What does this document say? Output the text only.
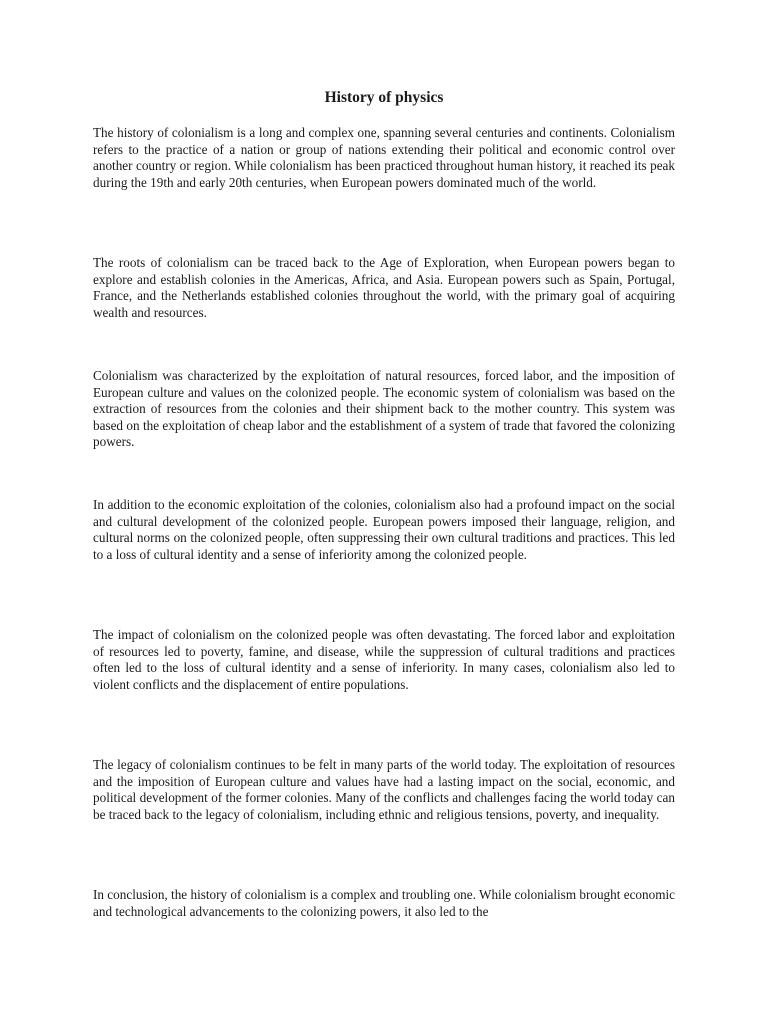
History of physics

The history of colonialism is a long and complex one, spanning several centuries and continents. Colonialism refers to the practice of a nation or group of nations extending their political and economic control over another country or region. While colonialism has been practiced throughout human history, it reached its peak during the 19th and early 20th centuries, when European powers dominated much of the world.

The roots of colonialism can be traced back to the Age of Exploration, when European powers began to explore and establish colonies in the Americas, Africa, and Asia. European powers such as Spain, Portugal, France, and the Netherlands established colonies throughout the world, with the primary goal of acquiring wealth and resources.

Colonialism was characterized by the exploitation of natural resources, forced labor, and the imposition of European culture and values on the colonized people. The economic system of colonialism was based on the extraction of resources from the colonies and their shipment back to the mother country. This system was based on the exploitation of cheap labor and the establishment of a system of trade that favored the colonizing powers.

In addition to the economic exploitation of the colonies, colonialism also had a profound impact on the social and cultural development of the colonized people. European powers imposed their language, religion, and cultural norms on the colonized people, often suppressing their own cultural traditions and practices. This led to a loss of cultural identity and a sense of inferiority among the colonized people.

The impact of colonialism on the colonized people was often devastating. The forced labor and exploitation of resources led to poverty, famine, and disease, while the suppression of cultural traditions and practices often led to the loss of cultural identity and a sense of inferiority. In many cases, colonialism also led to violent conflicts and the displacement of entire populations.

The legacy of colonialism continues to be felt in many parts of the world today. The exploitation of resources and the imposition of European culture and values have had a lasting impact on the social, economic, and political development of the former colonies. Many of the conflicts and challenges facing the world today can be traced back to the legacy of colonialism, including ethnic and religious tensions, poverty, and inequality.

In conclusion, the history of colonialism is a complex and troubling one. While colonialism brought economic and technological advancements to the colonizing powers, it also led to the
